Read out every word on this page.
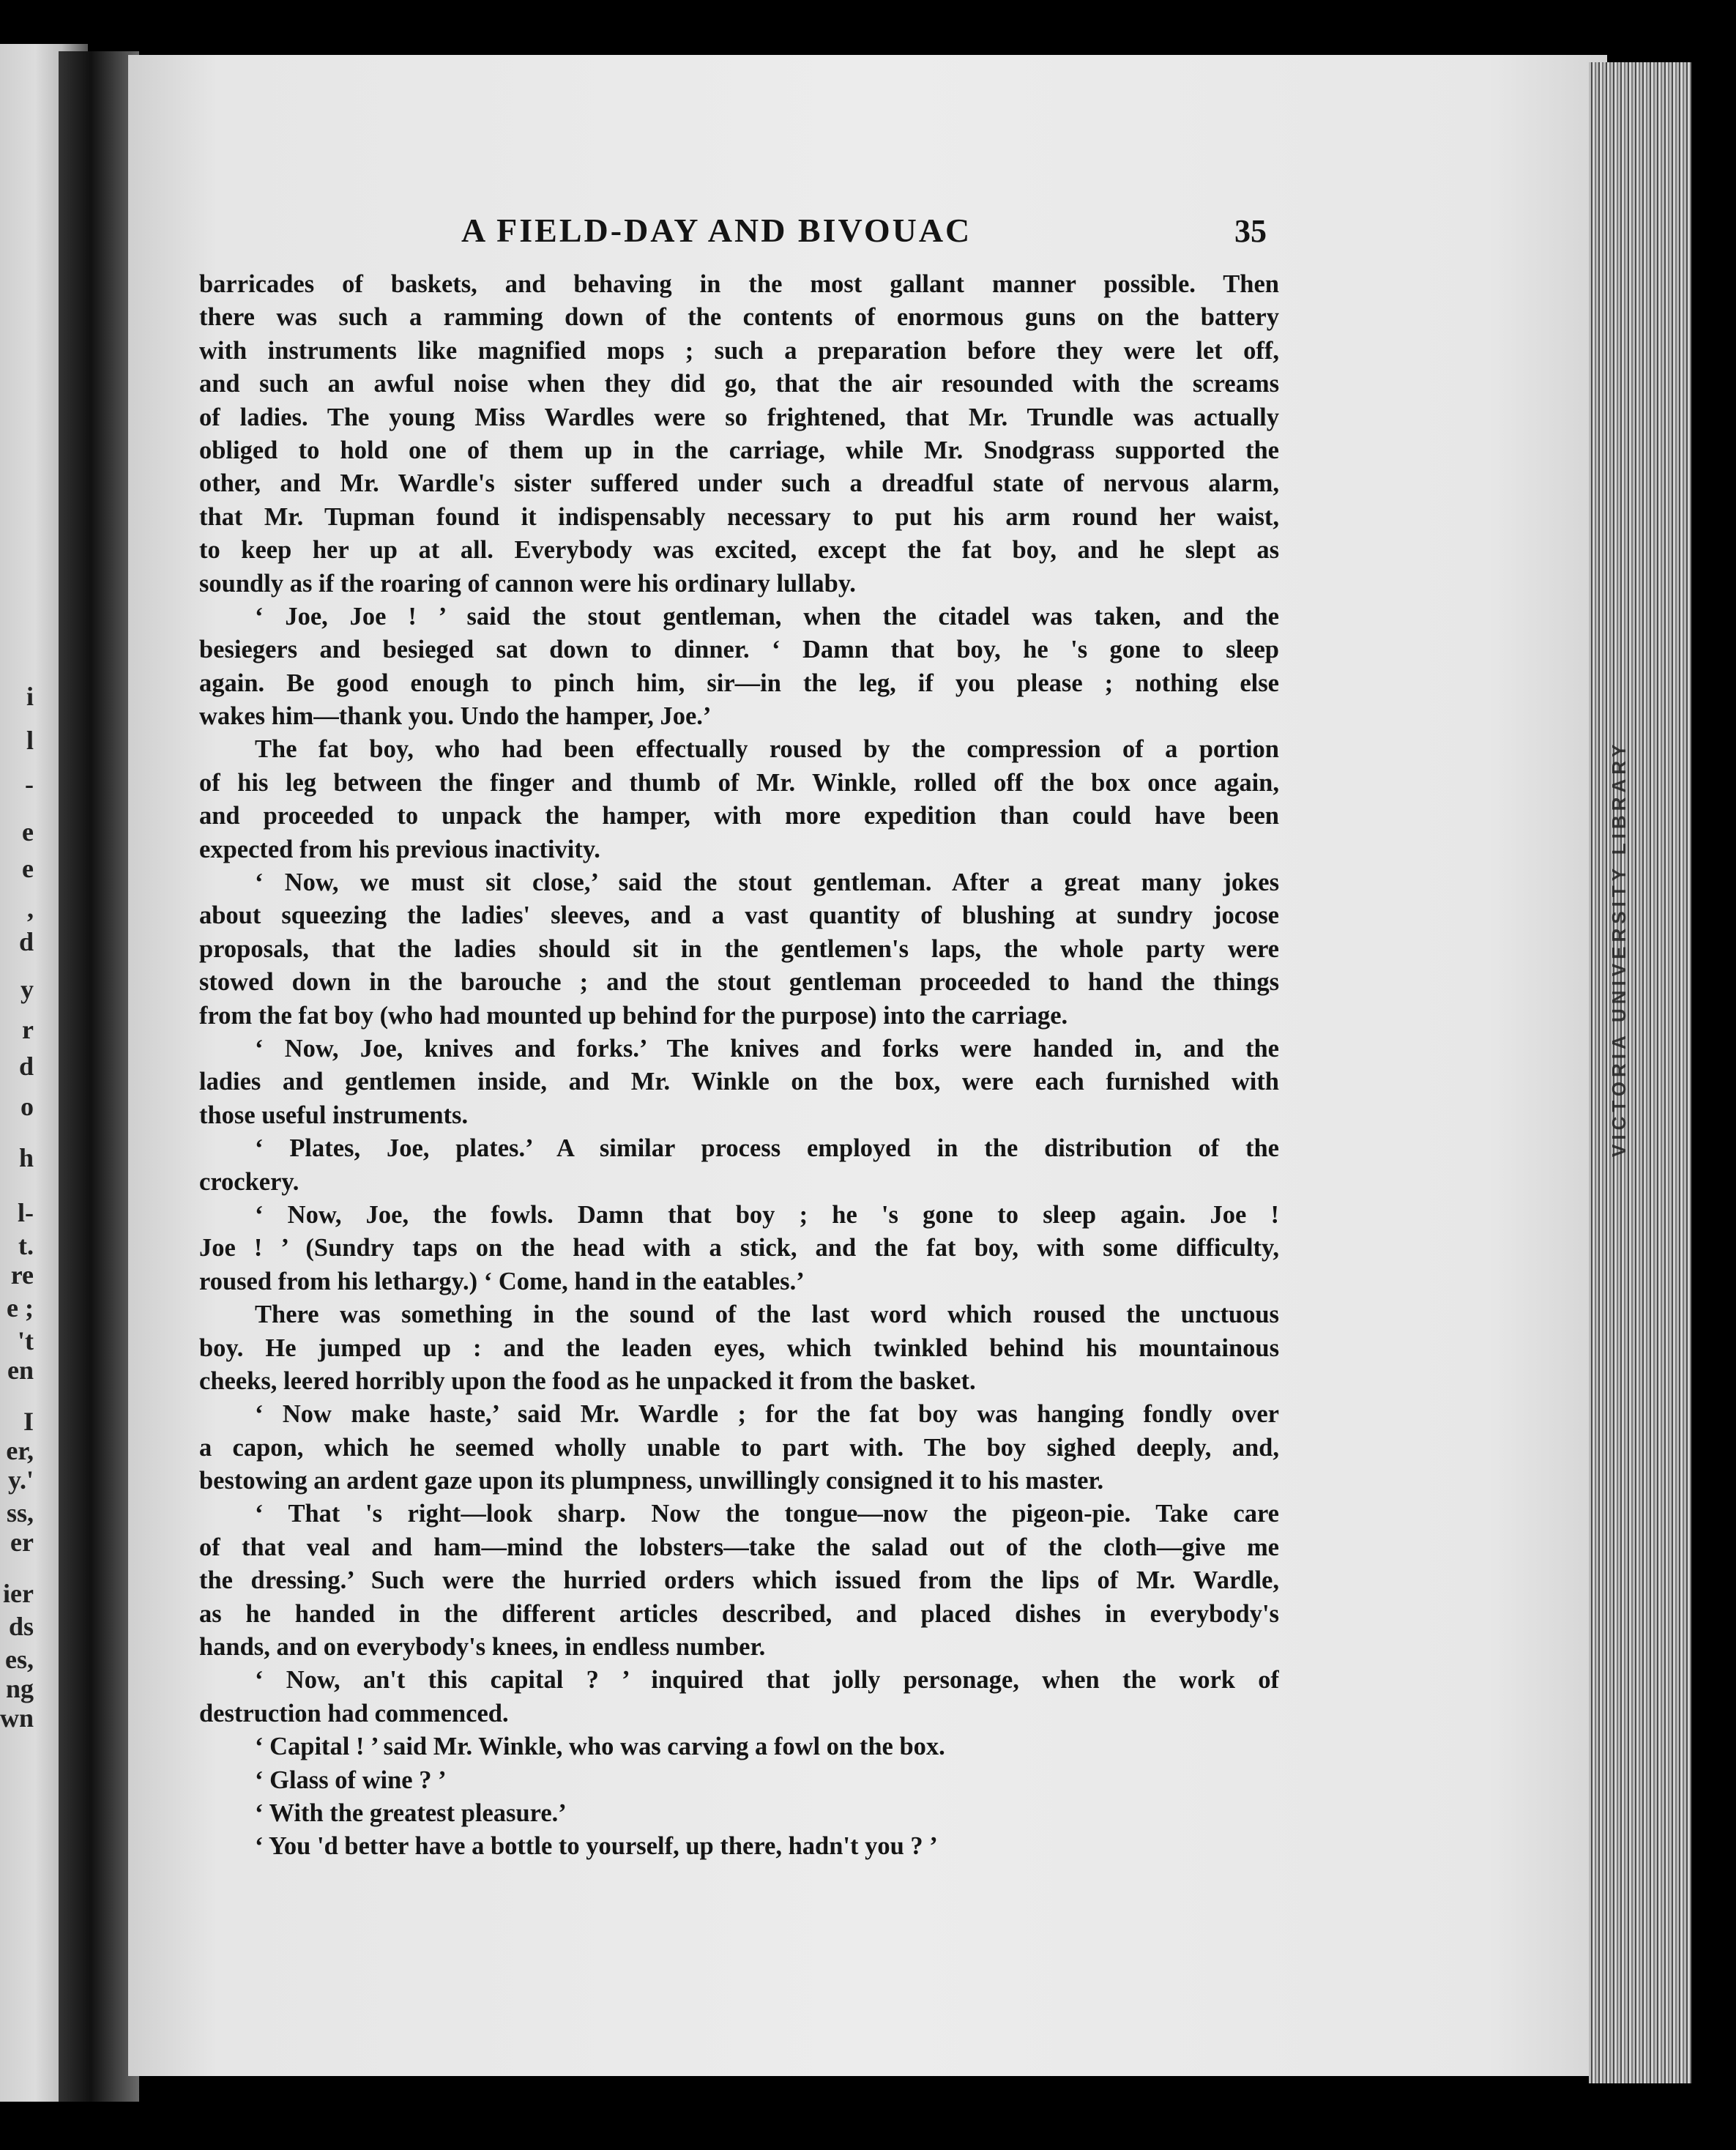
i
l
-
e
e
,
d
y
r
d
o
h
l-
t.
re
e ;
't
en
I
er,
y.'
ss,
er
ier
ds
es,
ng
wn
VICTORIA UNIVERSITY LIBRARY
A FIELD-DAY AND BIVOUAC	35
barricades of baskets, and behaving in the most gallant manner possible. Then
there was such a ramming down of the contents of enormous guns on the battery
with instruments like magnified mops ; such a preparation before they were let off,
and such an awful noise when they did go, that the air resounded with the screams
of ladies. The young Miss Wardles were so frightened, that Mr. Trundle was actually
obliged to hold one of them up in the carriage, while Mr. Snodgrass supported the
other, and Mr. Wardle's sister suffered under such a dreadful state of nervous alarm,
that Mr. Tupman found it indispensably necessary to put his arm round her waist,
to keep her up at all. Everybody was excited, except the fat boy, and he slept as
soundly as if the roaring of cannon were his ordinary lullaby.
‘ Joe, Joe ! ’ said the stout gentleman, when the citadel was taken, and the
besiegers and besieged sat down to dinner. ‘ Damn that boy, he 's gone to sleep
again. Be good enough to pinch him, sir—in the leg, if you please ; nothing else
wakes him—thank you. Undo the hamper, Joe.’
The fat boy, who had been effectually roused by the compression of a portion
of his leg between the finger and thumb of Mr. Winkle, rolled off the box once again,
and proceeded to unpack the hamper, with more expedition than could have been
expected from his previous inactivity.
‘ Now, we must sit close,’ said the stout gentleman. After a great many jokes
about squeezing the ladies' sleeves, and a vast quantity of blushing at sundry jocose
proposals, that the ladies should sit in the gentlemen's laps, the whole party were
stowed down in the barouche ; and the stout gentleman proceeded to hand the things
from the fat boy (who had mounted up behind for the purpose) into the carriage.
‘ Now, Joe, knives and forks.’ The knives and forks were handed in, and the
ladies and gentlemen inside, and Mr. Winkle on the box, were each furnished with
those useful instruments.
‘ Plates, Joe, plates.’ A similar process employed in the distribution of the
crockery.
‘ Now, Joe, the fowls. Damn that boy ; he 's gone to sleep again. Joe !
Joe ! ’ (Sundry taps on the head with a stick, and the fat boy, with some difficulty,
roused from his lethargy.) ‘ Come, hand in the eatables.’
There was something in the sound of the last word which roused the unctuous
boy. He jumped up : and the leaden eyes, which twinkled behind his mountainous
cheeks, leered horribly upon the food as he unpacked it from the basket.
‘ Now make haste,’ said Mr. Wardle ; for the fat boy was hanging fondly over
a capon, which he seemed wholly unable to part with. The boy sighed deeply, and,
bestowing an ardent gaze upon its plumpness, unwillingly consigned it to his master.
‘ That 's right—look sharp. Now the tongue—now the pigeon-pie. Take care
of that veal and ham—mind the lobsters—take the salad out of the cloth—give me
the dressing.’ Such were the hurried orders which issued from the lips of Mr. Wardle,
as he handed in the different articles described, and placed dishes in everybody's
hands, and on everybody's knees, in endless number.
‘ Now, an't this capital ? ’ inquired that jolly personage, when the work of
destruction had commenced.
‘ Capital ! ’ said Mr. Winkle, who was carving a fowl on the box.
‘ Glass of wine ? ’
‘ With the greatest pleasure.’
‘ You 'd better have a bottle to yourself, up there, hadn't you ? ’
